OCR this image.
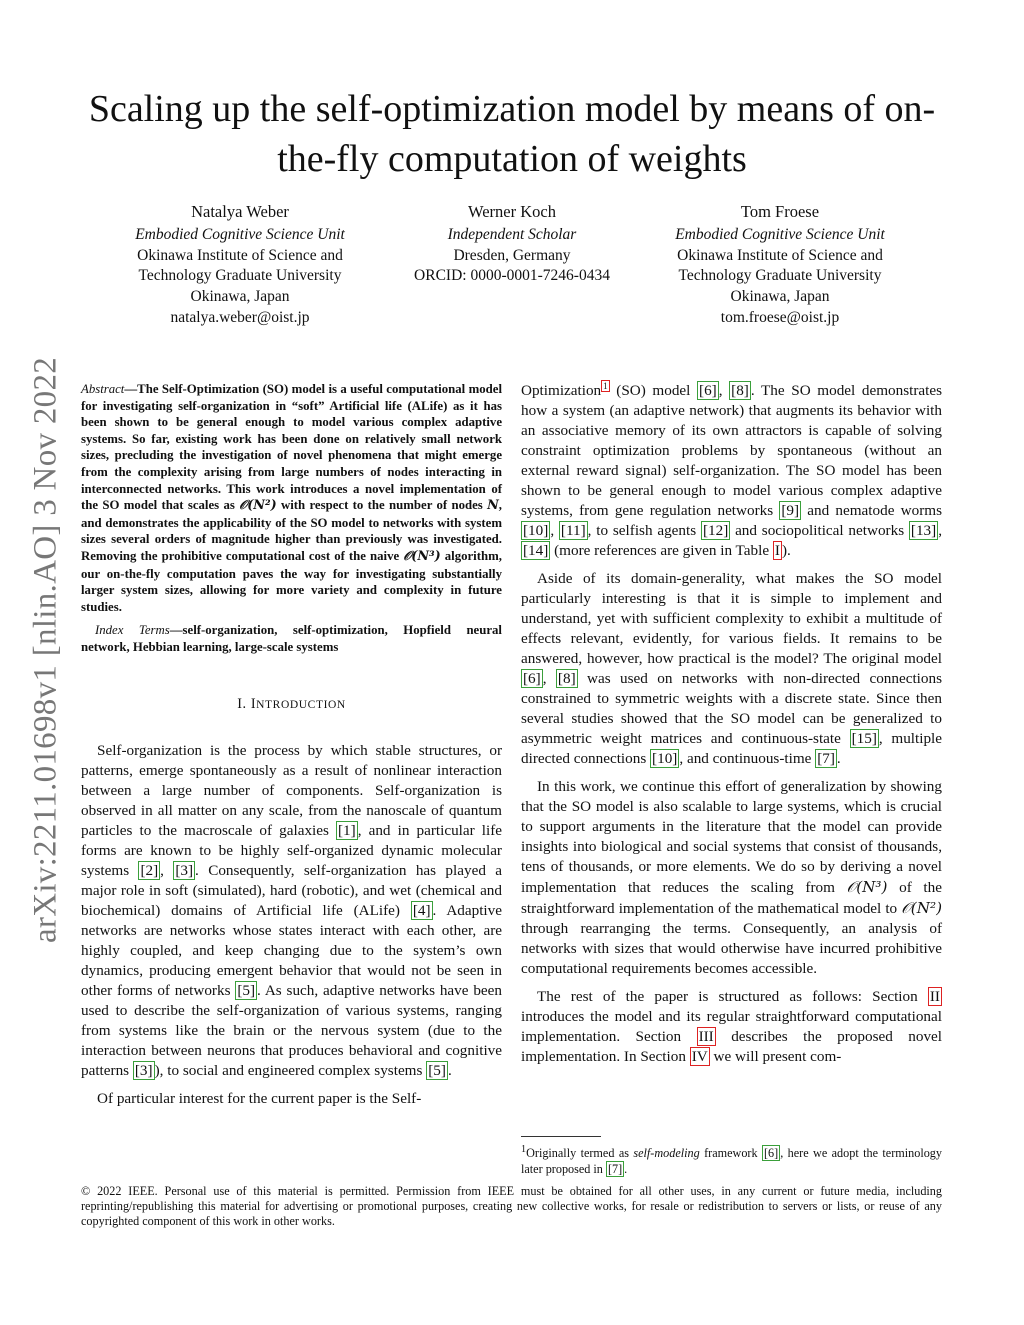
Scaling up the self-optimization model by means of on-the-fly computation of weights
Natalya Weber
Embodied Cognitive Science Unit
Okinawa Institute of Science and
Technology Graduate University
Okinawa, Japan
natalya.weber@oist.jp
Werner Koch
Independent Scholar
Dresden, Germany
ORCID: 0000-0001-7246-0434
Tom Froese
Embodied Cognitive Science Unit
Okinawa Institute of Science and
Technology Graduate University
Okinawa, Japan
tom.froese@oist.jp
arXiv:2211.01698v1 [nlin.AO] 3 Nov 2022 Abstract—The Self-Optimization (SO) model is a useful computational model for investigating self-organization in “soft” Artificial life (ALife) as it has been shown to be general enough to model various complex adaptive systems. So far, existing work has been done on relatively small network sizes, precluding the investigation of novel phenomena that might emerge from the complexity arising from large numbers of nodes interacting in interconnected networks. This work introduces a novel implementation of the SO model that scales as 𝒪(N²) with respect to the number of nodes N, and demonstrates the applicability of the SO model to networks with system sizes several orders of magnitude higher than previously was investigated. Removing the prohibitive computational cost of the naive 𝒪(N³) algorithm, our on-the-fly computation paves the way for investigating substantially larger system sizes, allowing for more variety and complexity in future studies.

Index Terms—self-organization, self-optimization, Hopfield neural network, Hebbian learning, large-scale systems

I. INTRODUCTION

Self-organization is the process by which stable structures, or patterns, emerge spontaneously as a result of nonlinear interaction between a large number of components. Self-organization is observed in all matter on any scale, from the nanoscale of quantum particles to the macroscale of galaxies [1] , and in particular life forms are known to be highly self-organized dynamic molecular systems [2] , [3] . Consequently, self-organization has played a major role in soft (simulated), hard (robotic), and wet (chemical and biochemical) domains of Artificial life (ALife) [4] . Adaptive networks are networks whose states interact with each other, are highly coupled, and keep changing due to the system’s own dynamics, producing emergent behavior that would not be seen in other forms of networks [5] . As such, adaptive networks have been used to describe the self-organization of various systems, ranging from systems like the brain or the nervous system (due to the interaction between neurons that produces behavioral and cognitive patterns [3] ), to social and engineered complex systems [5] .

Of particular interest for the current paper is the Self-

Optimization $^1$ (SO) model [6] , [8] . The SO model demonstrates how a system (an adaptive network) that augments its behavior with an associative memory of its own attractors is capable of solving constraint optimization problems by spontaneous (without an external reward signal) self-organization. The SO model has been shown to be general enough to model various complex adaptive systems, from gene regulation networks [9] and nematode worms [10] , [11] , to selfish agents [12] and sociopolitical networks [13] , [14] (more references are given in Table I ).

Aside of its domain-generality, what makes the SO model particularly interesting is that it is simple to implement and understand, yet with sufficient complexity to exhibit a multitude of effects relevant, evidently, for various fields. It remains to be answered, however, how practical is the model? The original model [6] , [8] was used on networks with non-directed connections constrained to symmetric weights with a discrete state. Since then several studies showed that the SO model can be generalized to asymmetric weight matrices and continuous-state [15] , multiple directed connections [10] , and continuous-time [7] .

In this work, we continue this effort of generalization by showing that the SO model is also scalable to large systems, which is crucial to support arguments in the literature that the model can provide insights into biological and social systems that consist of thousands, tens of thousands, or more elements. We do so by deriving a novel implementation that reduces the scaling from 𝒪(N³) of the straightforward implementation of the mathematical model to 𝒪(N²) through rearranging the terms. Consequently, an analysis of networks with sizes that would otherwise have incurred prohibitive computational requirements becomes accessible.

The rest of the paper is structured as follows: Section II introduces the model and its regular straightforward computational implementation. Section III describes the proposed novel implementation. In Section IV we will present com-

$^1$Originally termed as self-modeling framework [6] , here we adopt the terminology later proposed in [7] .
© 2022 IEEE. Personal use of this material is permitted. Permission from IEEE must be obtained for all other uses, in any current or future media, including reprinting/republishing this material for advertising or promotional purposes, creating new collective works, for resale or redistribution to servers or lists, or reuse of any copyrighted component of this work in other works.
